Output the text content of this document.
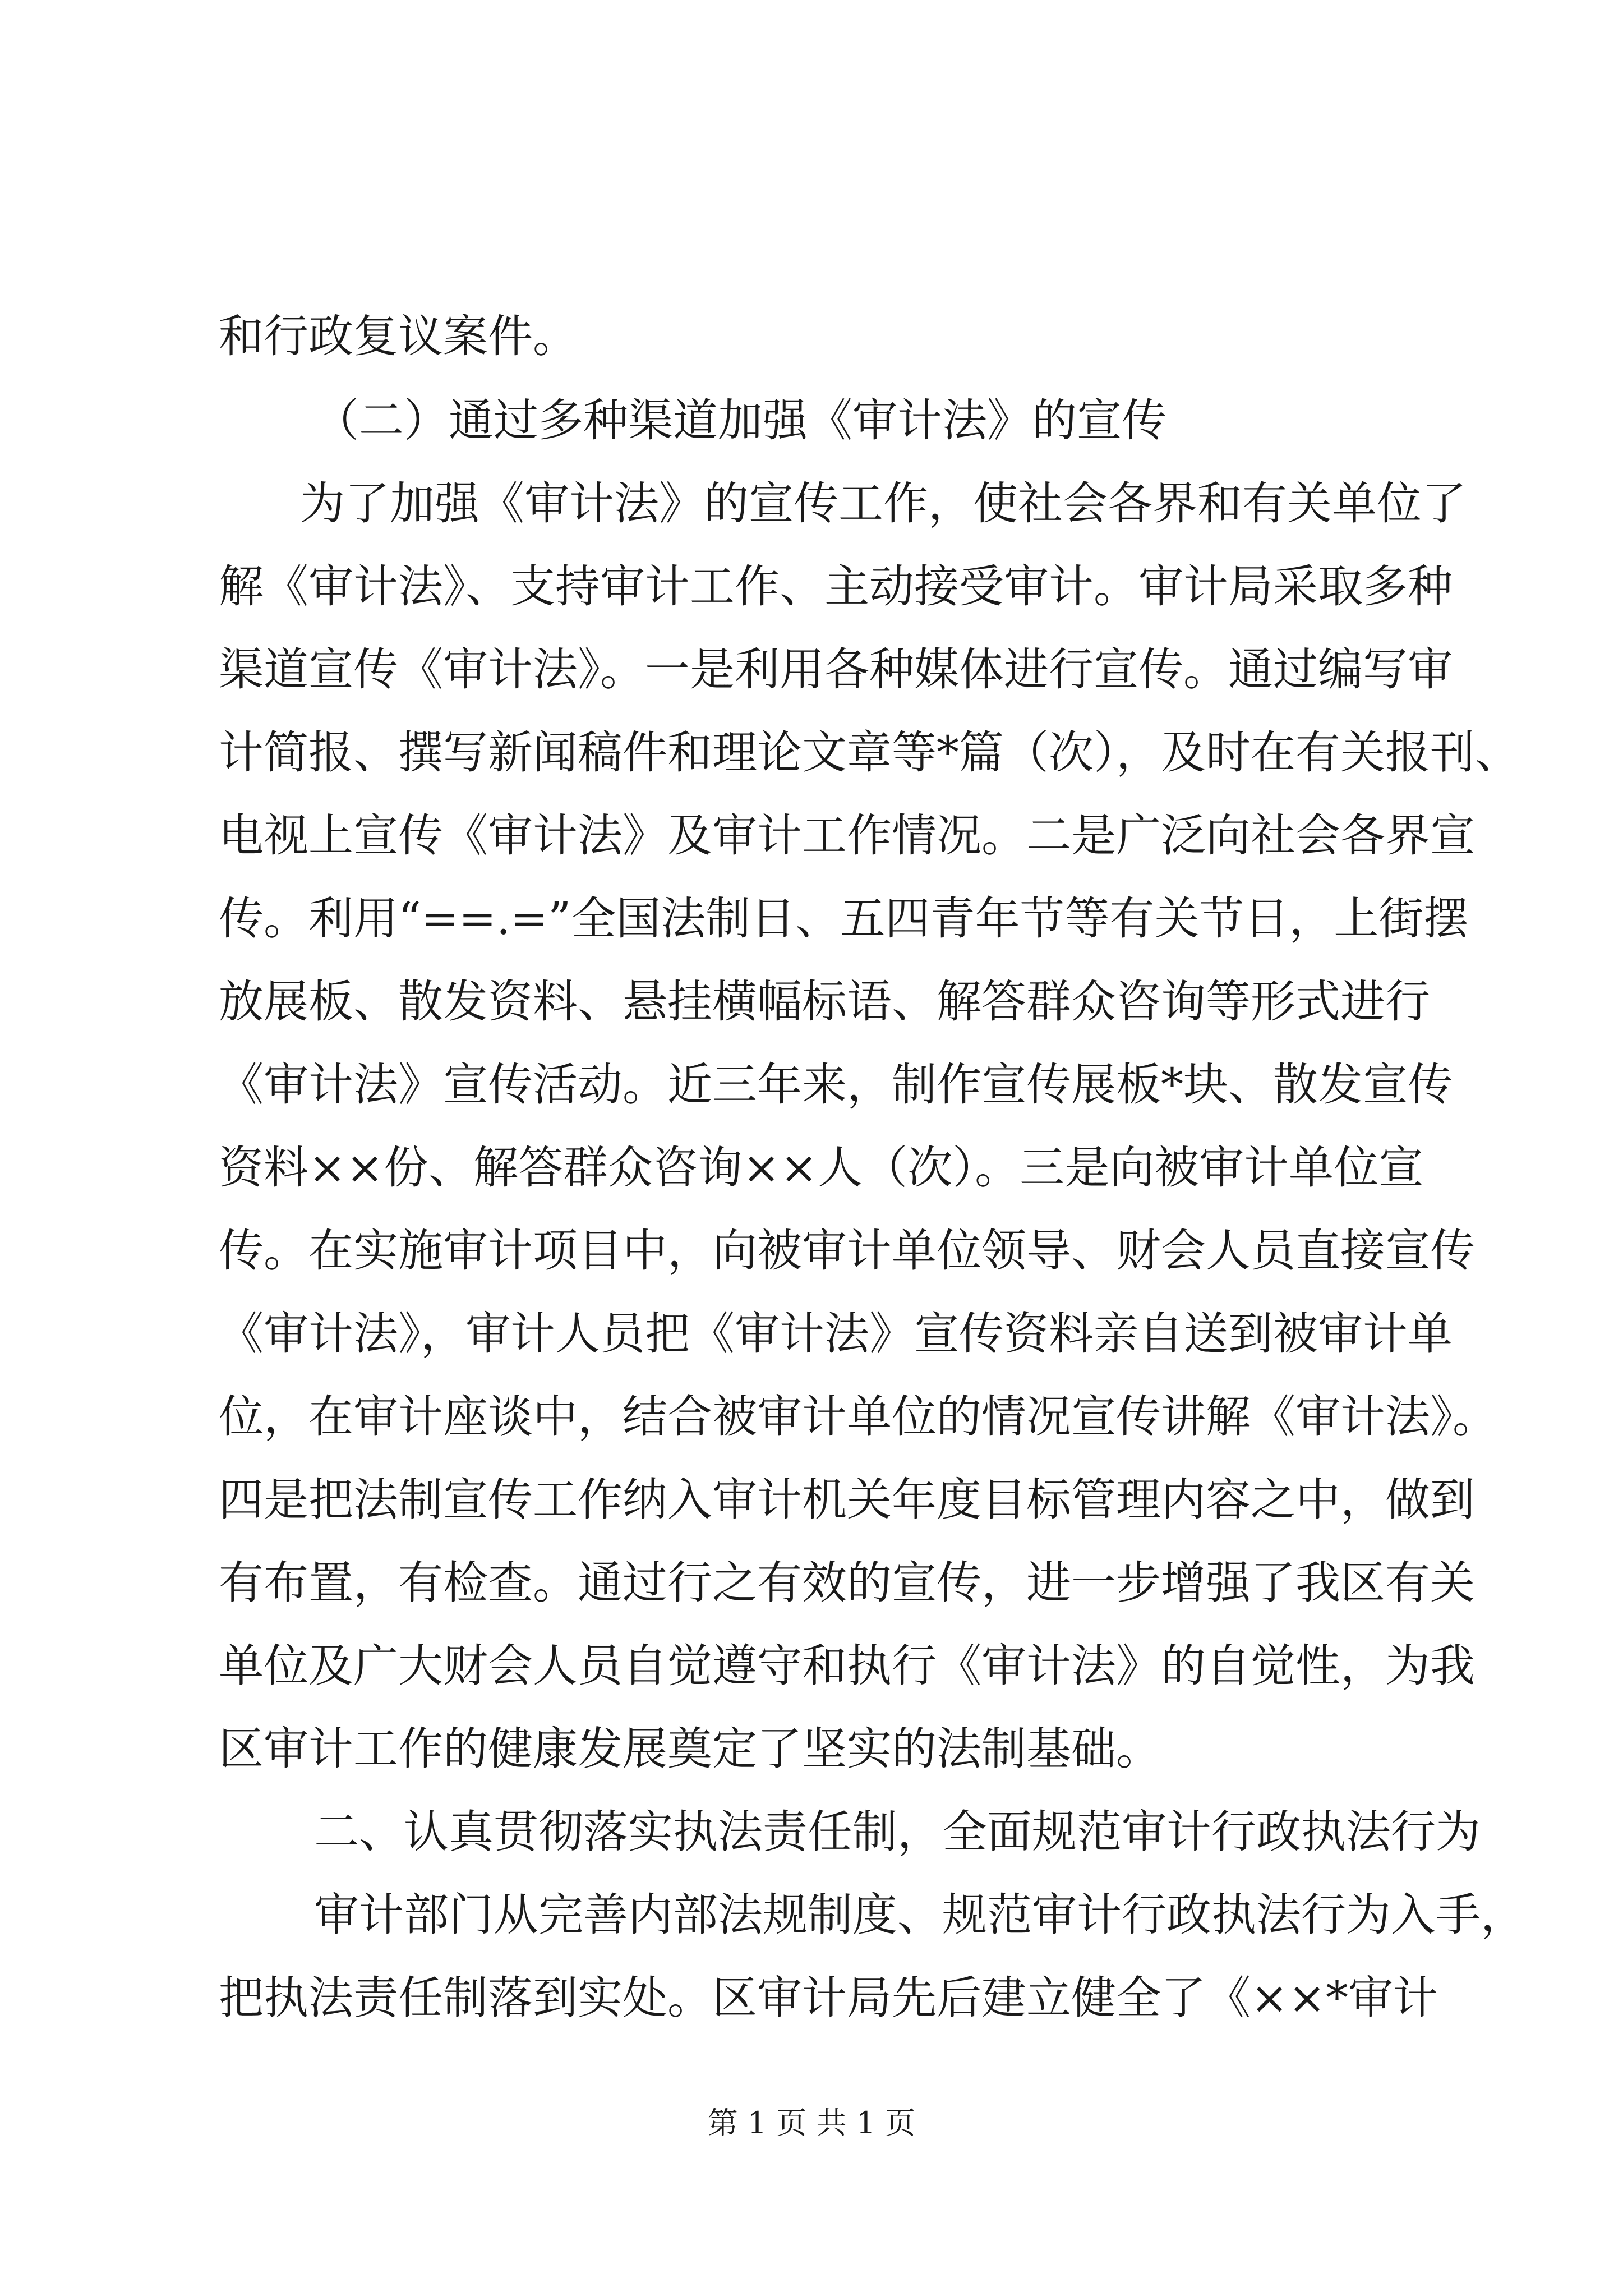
和行政复议案件。

（二）通过多种渠道加强《审计法》的宣传

为了加强《审计法》的宣传工作，使社会各界和有关单位了

解《审计法》、支持审计工作、主动接受审计。审计局采取多种

渠道宣传《审计法》。一是利用各种媒体进行宣传。通过编写审

计简报、撰写新闻稿件和理论文章等*篇（次），及时在有关报刊、

电视上宣传《审计法》及审计工作情况。二是广泛向社会各界宣

传。利用“==.=”全国法制日、五四青年节等有关节日，上街摆

放展板、散发资料、悬挂横幅标语、解答群众咨询等形式进行

《审计法》宣传活动。近三年来，制作宣传展板*块、散发宣传

资料××份、解答群众咨询××人（次）。三是向被审计单位宣

传。在实施审计项目中，向被审计单位领导、财会人员直接宣传

《审计法》，审计人员把《审计法》宣传资料亲自送到被审计单

位，在审计座谈中，结合被审计单位的情况宣传讲解《审计法》。

四是把法制宣传工作纳入审计机关年度目标管理内容之中，做到

有布置，有检查。通过行之有效的宣传，进一步增强了我区有关

单位及广大财会人员自觉遵守和执行《审计法》的自觉性，为我

区审计工作的健康发展奠定了坚实的法制基础。

二、认真贯彻落实执法责任制，全面规范审计行政执法行为

审计部门从完善内部法规制度、规范审计行政执法行为入手，

把执法责任制落到实处。区审计局先后建立健全了《××*审计

第 1 页 共 1 页
